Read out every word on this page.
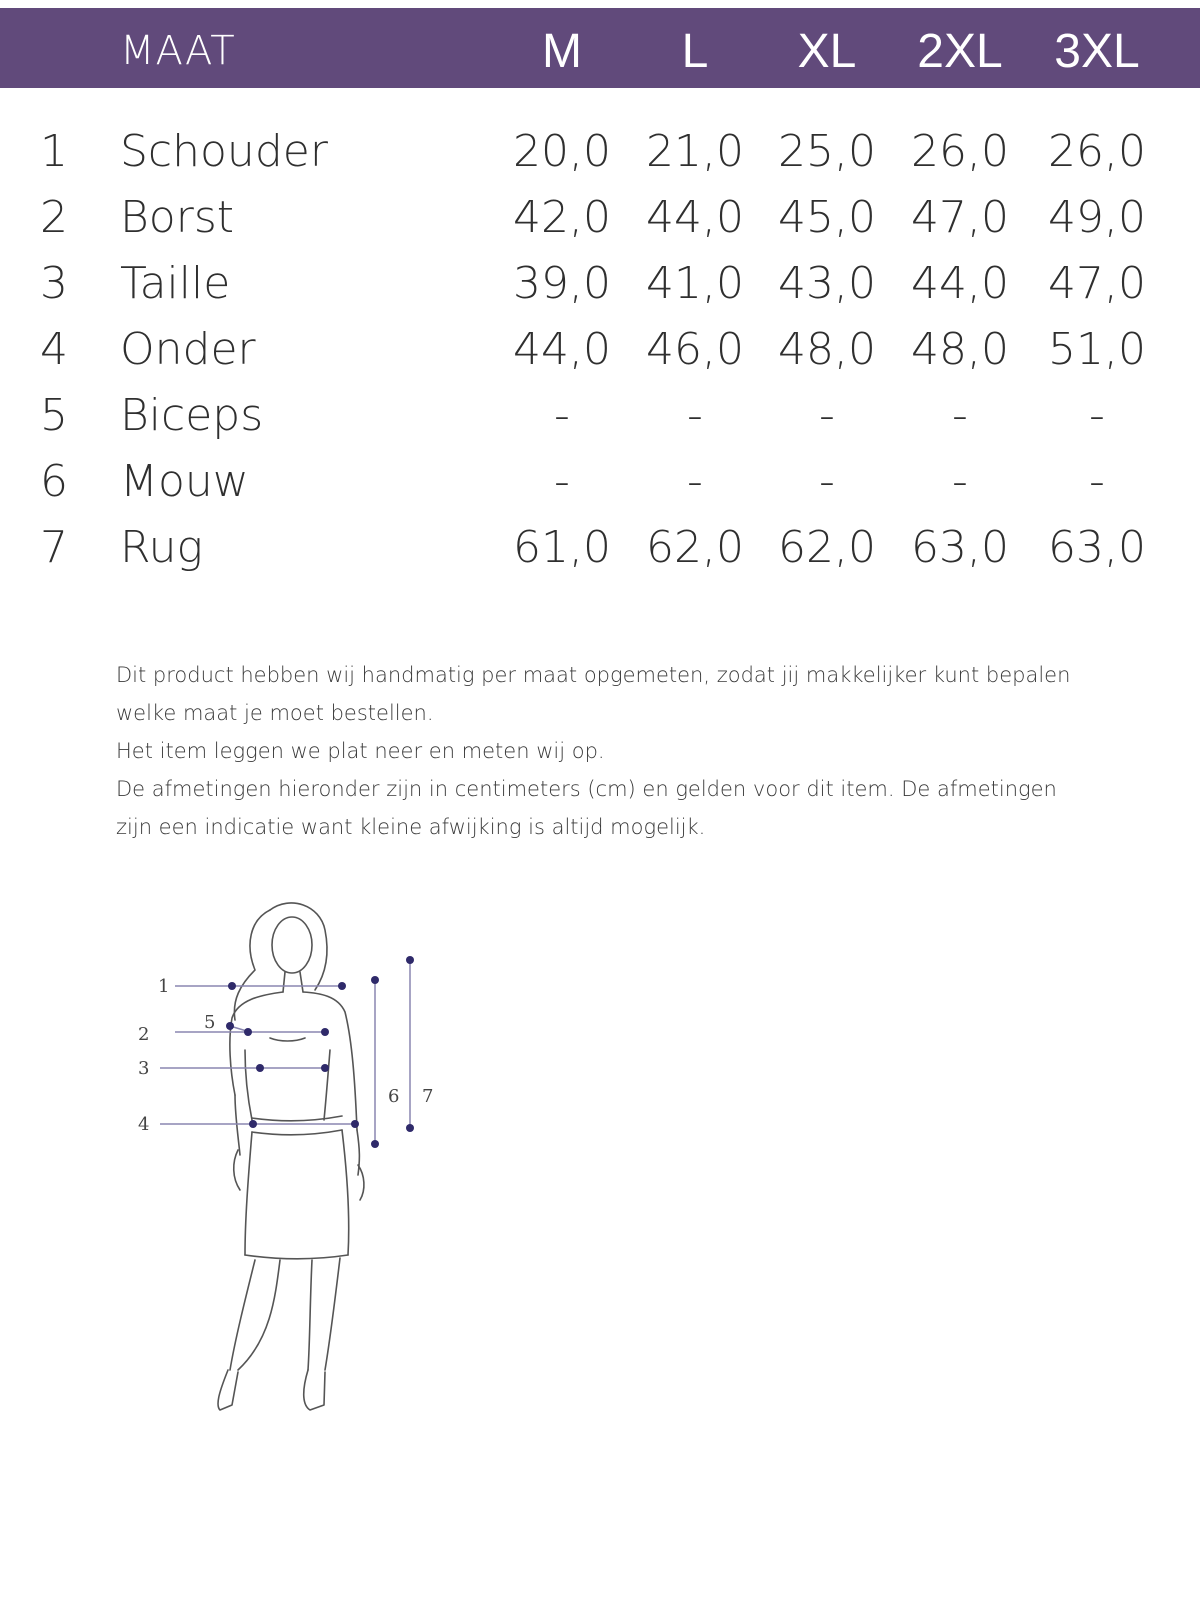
MAAT	M	L	XL	2XL	3XL
1 Schouder	20,0 21,0 25,0 26,0 26,0
2 Borst	42,0 44,0 45,0 47,0 49,0
3 Taille	39,0 41,0 43,0 44,0 47,0
4 Onder	44,0 46,0 48,0 48,0 51,0
5 Biceps	-	-	-	-	-
6 Mouw	-	-	-	-	-
7 Rug	61,0 62,0 62,0 63,0 63,0

Dit product hebben wij handmatig per maat opgemeten, zodat jij makkelijker kunt bepalen

welke maat je moet bestellen.

Het item leggen we plat neer en meten wij op.

De afmetingen hieronder zijn in centimeters (cm) en gelden voor dit item. De afmetingen

zijn een indicatie want kleine afwijking is altijd mogelijk.

1
2
3
4
5
6 7
